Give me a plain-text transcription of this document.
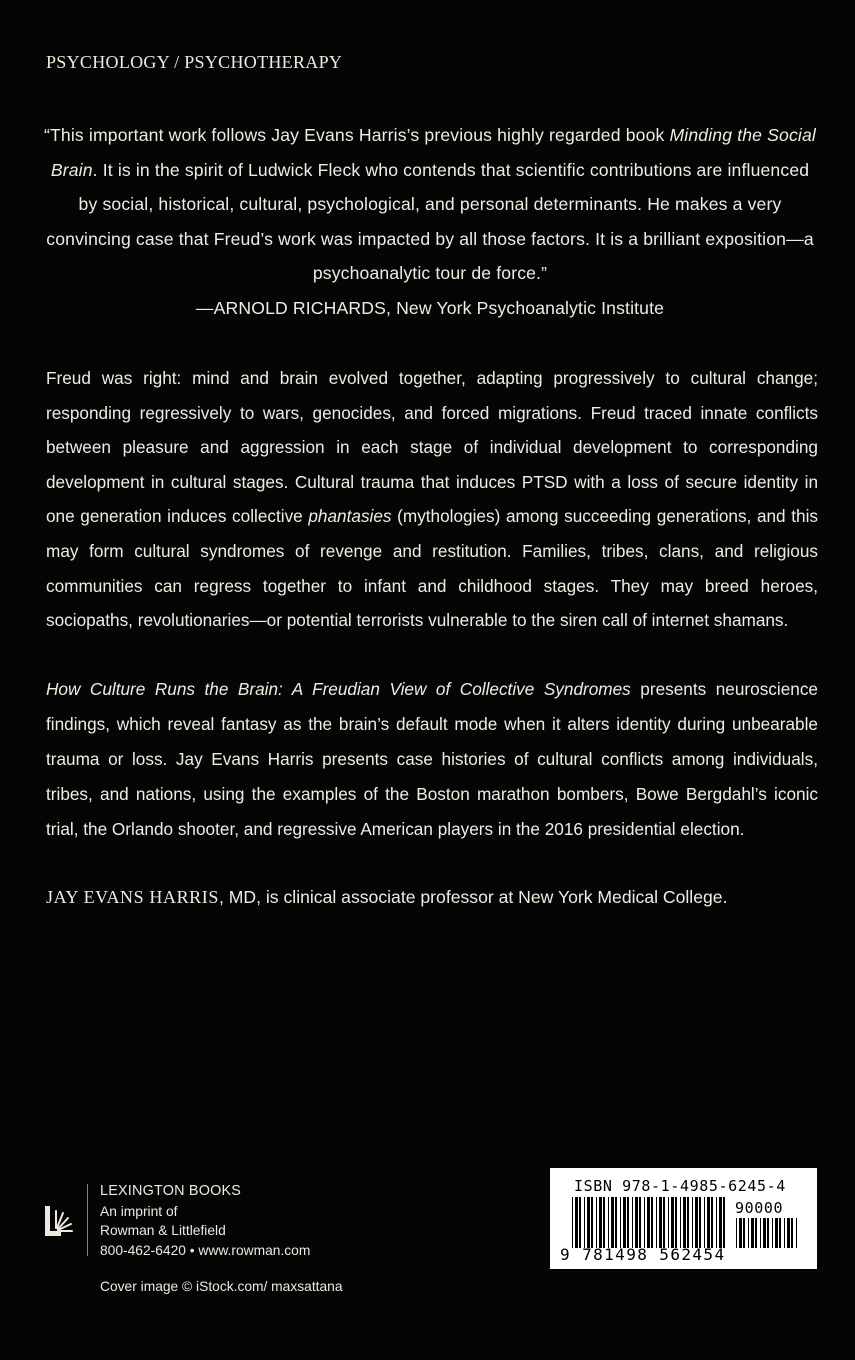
PSYCHOLOGY / PSYCHOTHERAPY

“This important work follows Jay Evans Harris’s previous highly regarded book Minding the Social Brain. It is in the spirit of Ludwick Fleck who contends that scientific contributions are influenced by social, historical, cultural, psychological, and personal determinants. He makes a very convincing case that Freud’s work was impacted by all those factors. It is a brilliant exposition—a psychoanalytic tour de force.”
—ARNOLD RICHARDS, New York Psychoanalytic Institute

Freud was right: mind and brain evolved together, adapting progressively to cultural change; responding regressively to wars, genocides, and forced migrations. Freud traced innate conflicts between pleasure and aggression in each stage of individual development to corresponding development in cultural stages. Cultural trauma that induces PTSD with a loss of secure identity in one generation induces collective phantasies (mythologies) among succeeding generations, and this may form cultural syndromes of revenge and restitution. Families, tribes, clans, and religious communities can regress together to infant and childhood stages. They may breed heroes, sociopaths, revolutionaries—or potential terrorists vulnerable to the siren call of internet shamans.

How Culture Runs the Brain: A Freudian View of Collective Syndromes presents neuroscience findings, which reveal fantasy as the brain’s default mode when it alters identity during unbearable trauma or loss. Jay Evans Harris presents case histories of cultural conflicts among individuals, tribes, and nations, using the examples of the Boston marathon bombers, Bowe Bergdahl’s iconic trial, the Orlando shooter, and regressive American players in the 2016 presidential election.

JAY EVANS HARRIS, MD, is clinical associate professor at New York Medical College.

LEXINGTON BOOKS
An imprint of
Rowman & Littlefield
800-462-6420 • www.rowman.com
Cover image © iStock.com/ maxsattana
ISBN 978-1-4985-6245-4
90000
9 781498 562454
